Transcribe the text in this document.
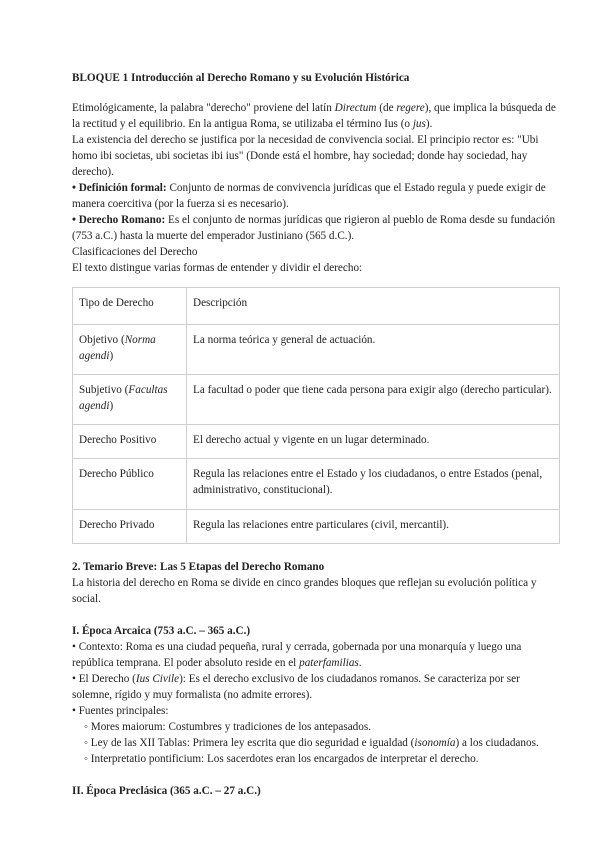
BLOQUE 1 Introducción al Derecho Romano y su Evolución Histórica

Etimológicamente, la palabra "derecho" proviene del latín Directum (de regere), que implica la búsqueda de la rectitud y el equilibrio. En la antigua Roma, se utilizaba el término Ius (o jus).

La existencia del derecho se justifica por la necesidad de convivencia social. El principio rector es: "Ubi homo ibi societas, ubi societas ibi ius" (Donde está el hombre, hay sociedad; donde hay sociedad, hay derecho).

• Definición formal: Conjunto de normas de convivencia jurídicas que el Estado regula y puede exigir de manera coercitiva (por la fuerza si es necesario).

• Derecho Romano: Es el conjunto de normas jurídicas que rigieron al pueblo de Roma desde su fundación (753 a.C.) hasta la muerte del emperador Justiniano (565 d.C.).

Clasificaciones del Derecho

El texto distingue varias formas de entender y dividir el derecho:

Tipo de Derecho	Descripción
Objetivo (Norma agendi)	La norma teórica y general de actuación.
Subjetivo (Facultas agendi)	La facultad o poder que tiene cada persona para exigir algo (derecho particular).
Derecho Positivo	El derecho actual y vigente en un lugar determinado.
Derecho Público	Regula las relaciones entre el Estado y los ciudadanos, o entre Estados (penal, administrativo, constitucional).
Derecho Privado	Regula las relaciones entre particulares (civil, mercantil).

2. Temario Breve: Las 5 Etapas del Derecho Romano

La historia del derecho en Roma se divide en cinco grandes bloques que reflejan su evolución política y social.

I. Época Arcaica (753 a.C. – 365 a.C.)

• Contexto: Roma es una ciudad pequeña, rural y cerrada, gobernada por una monarquía y luego una república temprana. El poder absoluto reside en el paterfamilias.

• El Derecho (Ius Civile): Es el derecho exclusivo de los ciudadanos romanos. Se caracteriza por ser solemne, rígido y muy formalista (no admite errores).

• Fuentes principales:

◦ Mores maiorum: Costumbres y tradiciones de los antepasados.

◦ Ley de las XII Tablas: Primera ley escrita que dio seguridad e igualdad (isonomía) a los ciudadanos.

◦ Interpretatio pontificium: Los sacerdotes eran los encargados de interpretar el derecho.

II. Época Preclásica (365 a.C. – 27 a.C.)
